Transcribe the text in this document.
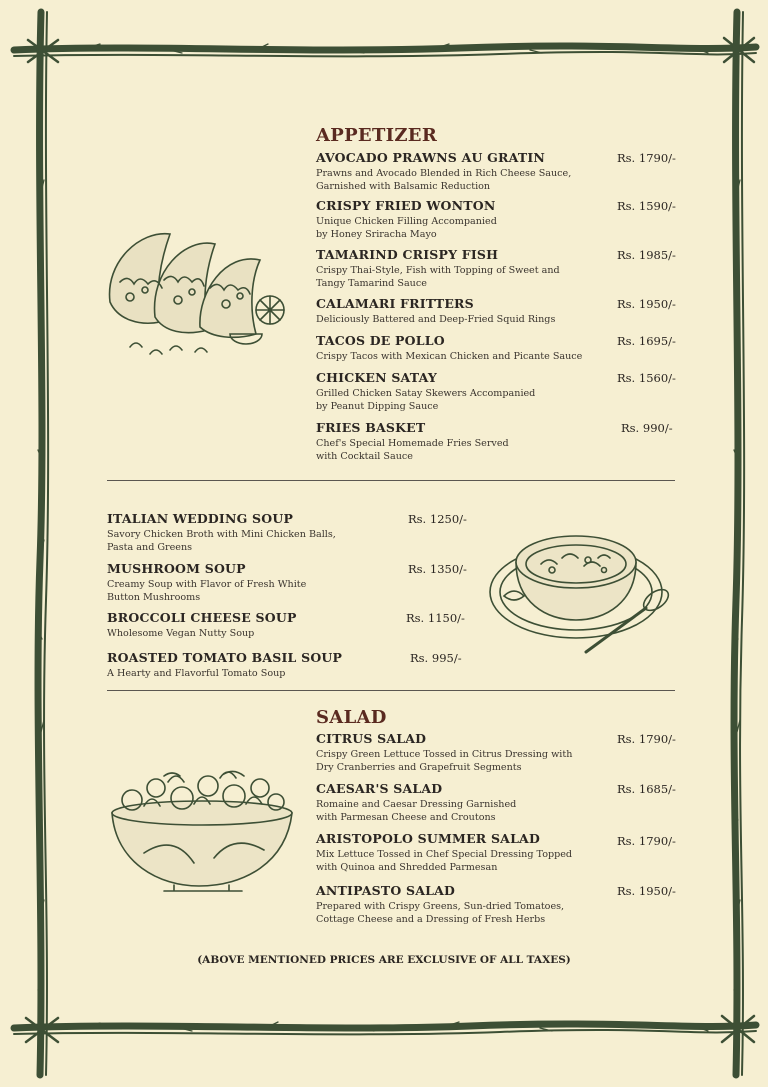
APPETIZER
AVOCADO PRAWNS AU GRATIN
Prawns and Avocado Blended in Rich Cheese Sauce,
Garnished with Balsamic Reduction
Rs. 1790/-
CRISPY FRIED WONTON
Unique Chicken Filling Accompanied
by Honey Sriracha Mayo
Rs. 1590/-
TAMARIND CRISPY FISH
Crispy Thai-Style, Fish with Topping of Sweet and
Tangy Tamarind Sauce
Rs. 1985/-
CALAMARI FRITTERS
Deliciously Battered and Deep-Fried Squid Rings
Rs. 1950/-
TACOS DE POLLO
Crispy Tacos with Mexican Chicken and Picante Sauce
Rs. 1695/-
CHICKEN SATAY
Grilled Chicken Satay Skewers Accompanied
by Peanut Dipping Sauce
Rs. 1560/-
FRIES BASKET
Chef's Special Homemade Fries Served
with Cocktail Sauce
Rs. 990/-
ITALIAN WEDDING SOUP
Savory Chicken Broth with Mini Chicken Balls,
Pasta and Greens
Rs. 1250/-
MUSHROOM SOUP
Creamy Soup with Flavor of Fresh White
Button Mushrooms
Rs. 1350/-
BROCCOLI CHEESE SOUP
Wholesome Vegan Nutty Soup
Rs. 1150/-
ROASTED TOMATO BASIL SOUP
A Hearty and Flavorful Tomato Soup
Rs. 995/-
SALAD
CITRUS SALAD
Crispy Green Lettuce Tossed in Citrus Dressing with
Dry Cranberries and Grapefruit Segments
Rs. 1790/-
CAESAR'S SALAD
Romaine and Caesar Dressing Garnished
with Parmesan Cheese and Croutons
Rs. 1685/-
ARISTOPOLO SUMMER SALAD
Mix Lettuce Tossed in Chef Special Dressing Topped
with Quinoa and Shredded Parmesan
Rs. 1790/-
ANTIPASTO SALAD
Prepared with Crispy Greens, Sun-dried Tomatoes,
Cottage Cheese and a Dressing of Fresh Herbs
Rs. 1950/-
(ABOVE MENTIONED PRICES ARE EXCLUSIVE OF ALL TAXES)
